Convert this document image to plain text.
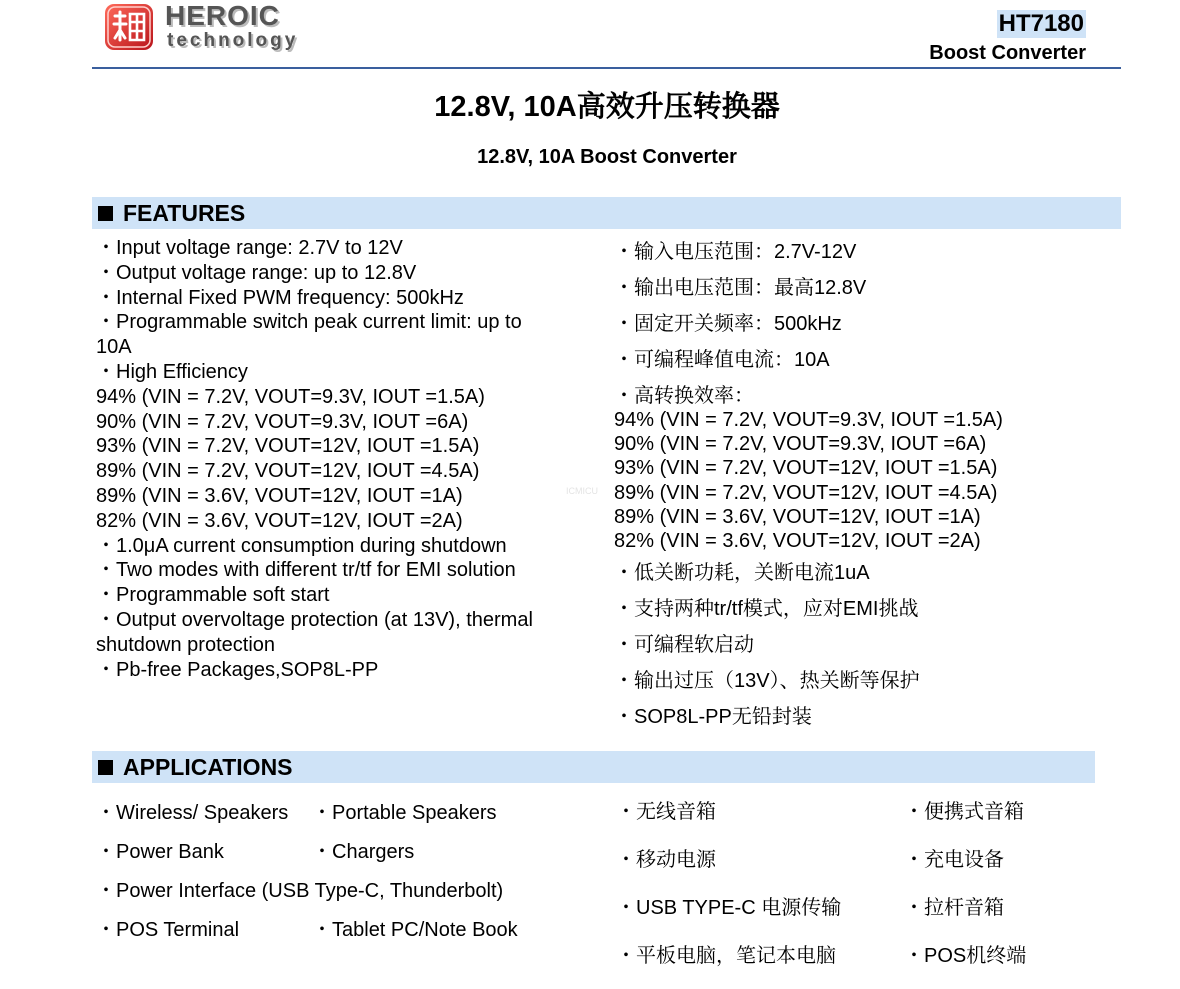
HEROIC
technology
HT7180
Boost Converter
12.8V, 10A高效升压转换器
12.8V, 10A Boost Converter
FEATURES
・Input voltage range: 2.7V to 12V
・Output voltage range: up to 12.8V
・Internal Fixed PWM frequency: 500kHz
・Programmable switch peak current limit: up to
10A
・High Efficiency
94% (VIN = 7.2V, VOUT=9.3V, IOUT =1.5A)
90% (VIN = 7.2V, VOUT=9.3V, IOUT =6A)
93% (VIN = 7.2V, VOUT=12V, IOUT =1.5A)
89% (VIN = 7.2V, VOUT=12V, IOUT =4.5A)
89% (VIN = 3.6V, VOUT=12V, IOUT =1A)
82% (VIN = 3.6V, VOUT=12V, IOUT =2A)
・1.0μA current consumption during shutdown
・Two modes with different tr/tf for EMI solution
・Programmable soft start
・Output overvoltage protection (at 13V), thermal
shutdown protection
・Pb-free Packages,SOP8L-PP
・输入电压范围：2.7V-12V
・输出电压范围：最高12.8V
・固定开关频率：500kHz
・可编程峰值电流：10A
・高转换效率：
94% (VIN = 7.2V, VOUT=9.3V, IOUT =1.5A)
90% (VIN = 7.2V, VOUT=9.3V, IOUT =6A)
93% (VIN = 7.2V, VOUT=12V, IOUT =1.5A)
89% (VIN = 7.2V, VOUT=12V, IOUT =4.5A)
89% (VIN = 3.6V, VOUT=12V, IOUT =1A)
82% (VIN = 3.6V, VOUT=12V, IOUT =2A)
・低关断功耗，关断电流1uA
・支持两种tr/tf模式，应对EMI挑战
・可编程软启动
・输出过压（13V）、热关断等保护
・SOP8L-PP无铅封装
ICMICU
APPLICATIONS
・Wireless/ Speakers ・Portable Speakers
・Power Bank	・Chargers
・Power Interface (USB Type-C, Thunderbolt)
・POS Terminal	・Tablet PC/Note Book
・无线音箱	・便携式音箱
・移动电源	・充电设备
・USB TYPE-C 电源传输	・拉杆音箱
・平板电脑，笔记本电脑	・POS机终端
